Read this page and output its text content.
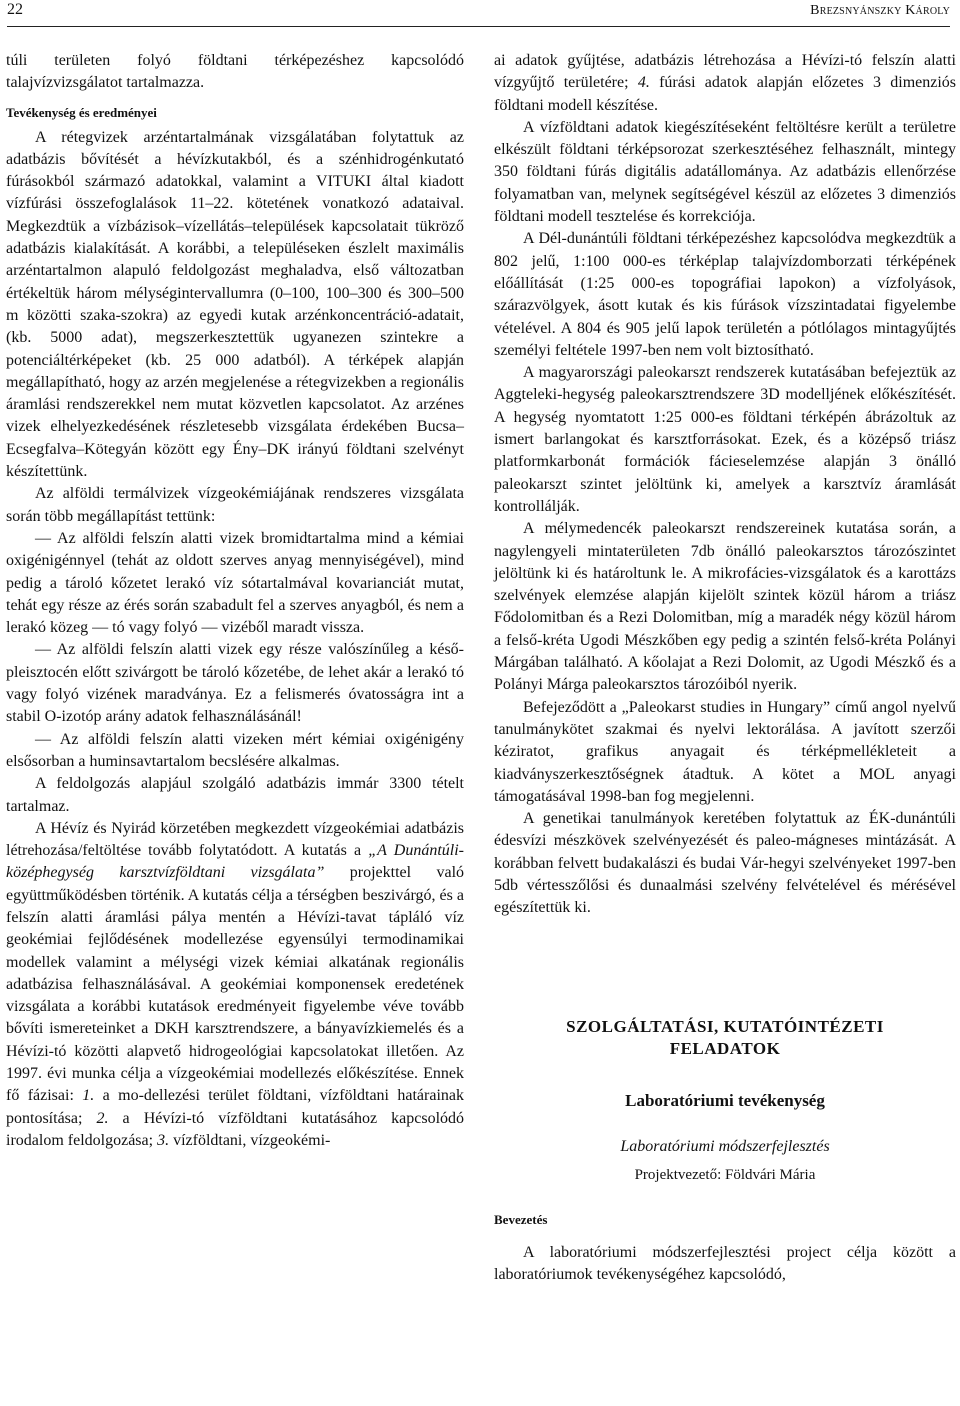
22	Brezsnyánszky Károly

túli területen folyó földtani térképezéshez kapcsolódó talajvízvizsgálatot tartalmazza.

Tevékenység és eredményei

A rétegvizek arzéntartalmának vizsgálatában folytattuk az adatbázis bővítését a hévízkutakból, és a szénhidrogénkutató fúrásokból származó adatokkal, valamint a VITUKI által kiadott vízfúrási összefoglalások 11–22. kötetének vonatkozó adataival. Megkezdtük a vízbázisok–vízellátás–települések kapcsolatait tükröző adatbázis kialakítását. A korábbi, a településeken észlelt maximális arzéntartalmon alapuló feldolgozást meghaladva, első változatban értékeltük három mélységintervallumra (0–100, 100–300 és 300–500 m közötti szaka-szokra) az egyedi kutak arzénkoncentráció-adatait, (kb. 5000 adat), megszerkesztettük ugyanezen szintekre a potenciáltérképeket (kb. 25 000 adatból). A térképek alapján megállapítható, hogy az arzén megjelenése a rétegvizekben a regionális áramlási rendszerekkel nem mutat közvetlen kapcsolatot. Az arzénes vizek elhelyezkedésének részletesebb vizsgálata érdekében Bucsa–Ecsegfalva–Kötegyán között egy Ény–DK irányú földtani szelvényt készítettünk.

Az alföldi termálvizek vízgeokémiájának rendszeres vizsgálata során több megállapítást tettünk:

— Az alföldi felszín alatti vizek bromidtartalma mind a kémiai oxigénigénnyel (tehát az oldott szerves anyag mennyiségével), mind pedig a tároló kőzetet lerakó víz sótartalmával kovarianciát mutat, tehát egy része az érés során szabadult fel a szerves anyagból, és nem a lerakó közeg — tó vagy folyó — vizéből maradt vissza.

— Az alföldi felszín alatti vizek egy része valószínűleg a késő-pleisztocén előtt szivárgott be tároló kőzetébe, de lehet akár a lerakó tó vagy folyó vizének maradványa. Ez a felismerés óvatosságra int a stabil O-izotóp arány adatok felhasználásánál!

— Az alföldi felszín alatti vizeken mért kémiai oxigénigény elsősorban a huminsavtartalom becslésére alkalmas.

A feldolgozás alapjául szolgáló adatbázis immár 3300 tételt tartalmaz.

A Hévíz és Nyirád körzetében megkezdett vízgeokémiai adatbázis létrehozása/feltöltése tovább folytatódott. A kutatás a „A Dunántúli-középhegység karsztvízföldtani vizsgálata” projekttel való együttműködésben történik. A kutatás célja a térségben beszivárgó, és a felszín alatti áramlási pálya mentén a Hévízi-tavat tápláló víz geokémiai fejlődésének modellezése egyensúlyi termodinamikai modellek valamint a mélységi vizek kémiai alkatának regionális adatbázisa felhasználásával. A geokémiai komponensek eredetének vizsgálata a korábbi kutatások eredményeit figyelembe véve tovább bővíti ismereteinket a DKH karsztrendszere, a bányavízkiemelés és a Hévízi-tó közötti alapvető hidrogeológiai kapcsolatokat illetően. Az 1997. évi munka célja a vízgeokémiai modellezés előkészítése. Ennek fő fázisai: 1. a mo-dellezési terület földtani, vízföldtani határainak pontosítása; 2. a Hévízi-tó vízföldtani kutatásához kapcsolódó irodalom feldolgozása; 3. vízföldtani, vízgeokémi-

ai adatok gyűjtése, adatbázis létrehozása a Hévízi-tó felszín alatti vízgyűjtő területére; 4. fúrási adatok alapján előzetes 3 dimenziós földtani modell készítése.

A vízföldtani adatok kiegészítéseként feltöltésre került a területre elkészült földtani térképsorozat szerkesztéséhez felhasznált, mintegy 350 földtani fúrás digitális adatállománya. Az adatbázis ellenőrzése folyamatban van, melynek segítségével készül az előzetes 3 dimenziós földtani modell tesztelése és korrekciója.

A Dél-dunántúli földtani térképezéshez kapcsolódva megkezdtük a 802 jelű, 1:100 000-es térképlap talajvízdomborzati térképének előállítását (1:25 000-es topográfiai lapokon) a vízfolyások, szárazvölgyek, ásott kutak és kis fúrások vízszintadatai figyelembe vételével. A 804 és 905 jelű lapok területén a pótlólagos mintagyűjtés személyi feltétele 1997-ben nem volt biztosítható.

A magyarországi paleokarszt rendszerek kutatásában befejeztük az Aggteleki-hegység paleokarsztrendszere 3D modelljének előkészítését. A hegység nyomtatott 1:25 000-es földtani térképén ábrázoltuk az ismert barlangokat és karsztforrásokat. Ezek, és a középső triász platformkarbonát formációk fácieselemzése alapján 3 önálló paleokarszt szintet jelöltünk ki, amelyek a karsztvíz áramlását kontrollálják.

A mélymedencék paleokarszt rendszereinek kutatása során, a nagylengyeli mintaterületen 7db önálló paleokarsztos tározószintet jelöltünk ki és határoltunk le. A mikrofácies-vizsgálatok és a karottázs szelvények elemzése alapján kijelölt szintek közül három a triász Fődolomitban és a Rezi Dolomitban, míg a maradék négy közül három a felső-kréta Ugodi Mészkőben egy pedig a szintén felső-kréta Polányi Márgában található. A kőolajat a Rezi Dolomit, az Ugodi Mészkő és a Polányi Márga paleokarsztos tározóiból nyerik.

Befejeződött a „Paleokarst studies in Hungary” című angol nyelvű tanulmánykötet szakmai és nyelvi lektorálása. A javított szerzői kéziratot, grafikus anyagait és térképmellékleteit a kiadványszerkesztőségnek átadtuk. A kötet a MOL anyagi támogatásával 1998-ban fog megjelenni.

A genetikai tanulmányok keretében folytattuk az ÉK-dunántúli édesvízi mészkövek szelvényezését és paleo-mágneses mintázását. A korábban felvett budakalászi és budai Vár-hegyi szelvényeket 1997-ben 5db vértesszőlősi és dunaalmási szelvény felvételével és mérésével egészítettük ki.

SZOLGÁLTATÁSI, KUTATÓINTÉZETI
FELADATOK
Laboratóriumi tevékenység
Laboratóriumi módszerfejlesztés
Projektvezető: Földvári Mária
Bevezetés

A laboratóriumi módszerfejlesztési project célja között a laboratóriumok tevékenységéhez kapcsolódó,
